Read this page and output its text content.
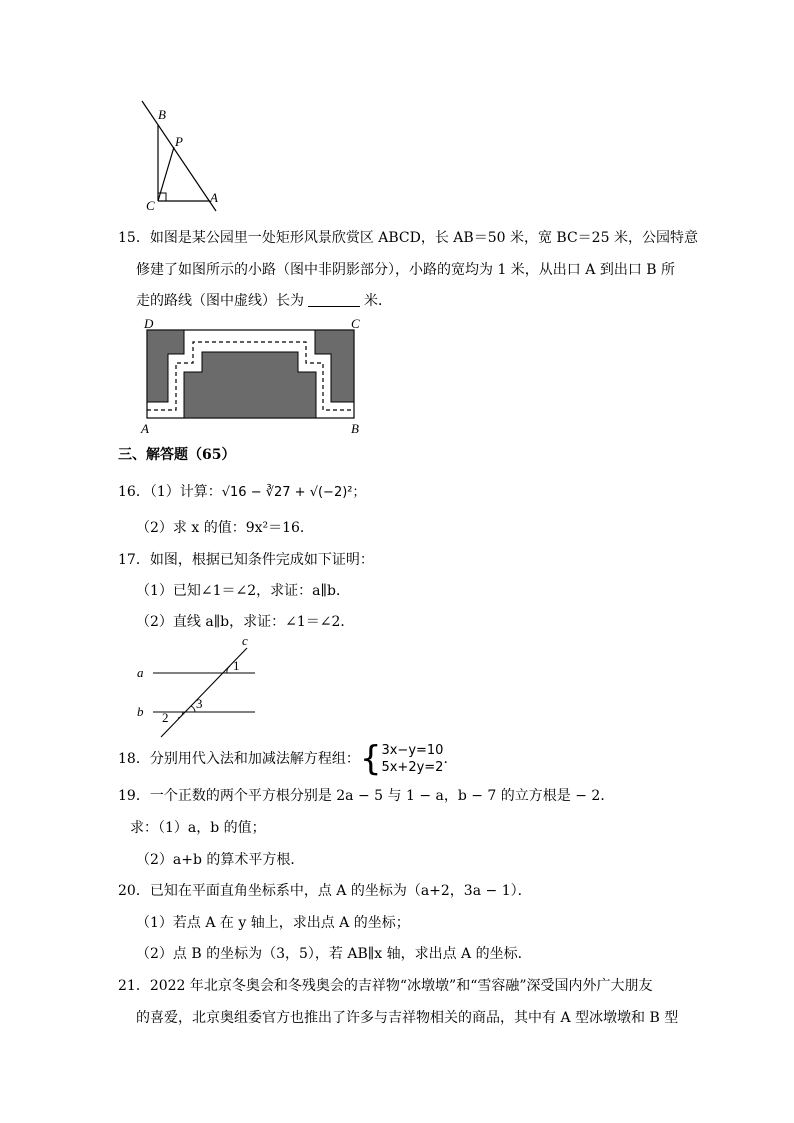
B
P
C
A
15．如图是某公园里一处矩形风景欣赏区 ABCD，长 AB＝50 米，宽 BC＝25 米，公园特意
修建了如图所示的小路（图中非阴影部分），小路的宽均为 1 米，从出口 A 到出口 B 所
走的路线（图中虚线）长为	米．
D	C
A	B
三、解答题（65）
16．（1）计算：√16 − ∛27 + √(−2)²；
（2）求 x 的值：9x²＝16．
17．如图，根据已知条件完成如下证明：
（1）已知∠1＝∠2，求证：a∥b．
（2）直线 a∥b，求证：∠1＝∠2．
a
b
c
1
2
3
18．分别用代入法和加减法解方程组：{ 3x−y=10
5x+2y=2
.
19．一个正数的两个平方根分别是 2a − 5 与 1 − a，b − 7 的立方根是 − 2．
求：（1）a，b 的值；
（2）a+b 的算术平方根．
20．已知在平面直角坐标系中，点 A 的坐标为（a+2，3a − 1）．
（1）若点 A 在 y 轴上，求出点 A 的坐标；
（2）点 B 的坐标为（3，5），若 AB∥x 轴，求出点 A 的坐标．
21．2022 年北京冬奥会和冬残奥会的吉祥物“冰墩墩”和“雪容融”深受国内外广大朋友
的喜爱，北京奥组委官方也推出了许多与吉祥物相关的商品，其中有 A 型冰墩墩和 B 型
